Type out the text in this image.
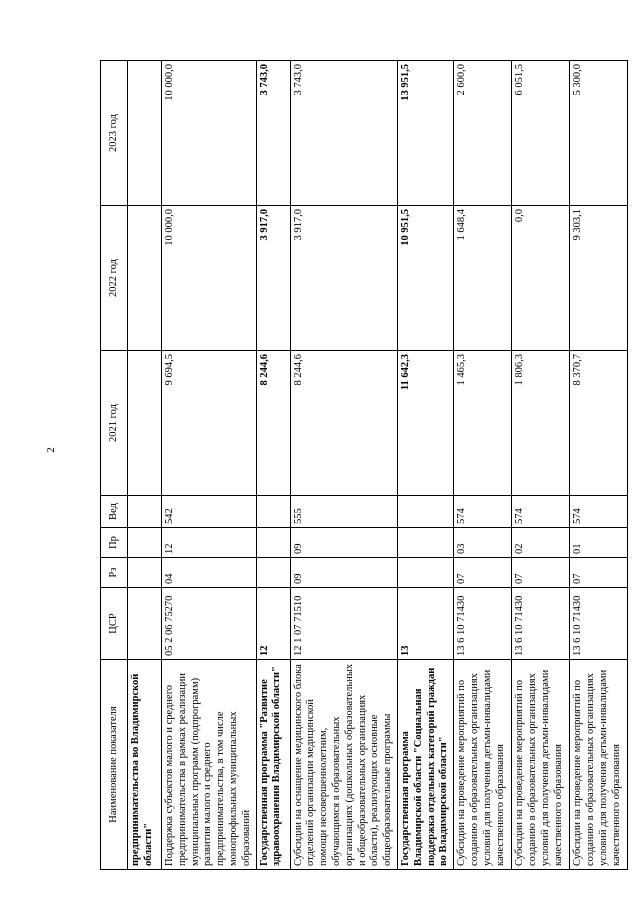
2
Наименование показателя	ЦСР	Рз	Пр	Вед	2021 год	2022 год	2023 год
предпринимательства во Владимирской области"							
Поддержка субъектов малого и среднего предпринимательства в рамках реализации муниципальных программ (подпрограмм) развития малого и среднего предпринимательства, в том числе монопрофильных муниципальных образований	05 2 06 75270	04	12	542	9 694,5	10 000,0	10 000,0
Государственная программа "Развитие здравоохранения Владимирской области"	12				8 244,6	3 917,0	3 743,0
Субсидии на оснащение медицинского блока отделений организации медицинской помощи несовершеннолетним, обучающимся в образовательных организациях (дошкольных образовательных и общеобразовательных организациях области), реализующих основные общеобразовательные программы	12 1 07 71510	09	09	555	8 244,6	3 917,0	3 743,0
Государственная программа Владимирской области "Социальная поддержка отдельных категорий граждан во Владимирской области"	13				11 642,3	10 951,5	13 951,5
Субсидии на проведение мероприятий по созданию в образовательных организациях условий для получения детьми-инвалидами качественного образования	13 6 10 71430	07	03	574	1 465,3	1 648,4	2 600,0
Субсидии на проведение мероприятий по созданию в образовательных организациях условий для получения детьми-инвалидами качественного образования	13 6 10 71430	07	02	574	1 806,3	0,0	6 051,5
Субсидии на проведение мероприятий по созданию в образовательных организациях условий для получения детьми-инвалидами качественного образования	13 6 10 71430	07	01	574	8 370,7	9 303,1	5 300,0
